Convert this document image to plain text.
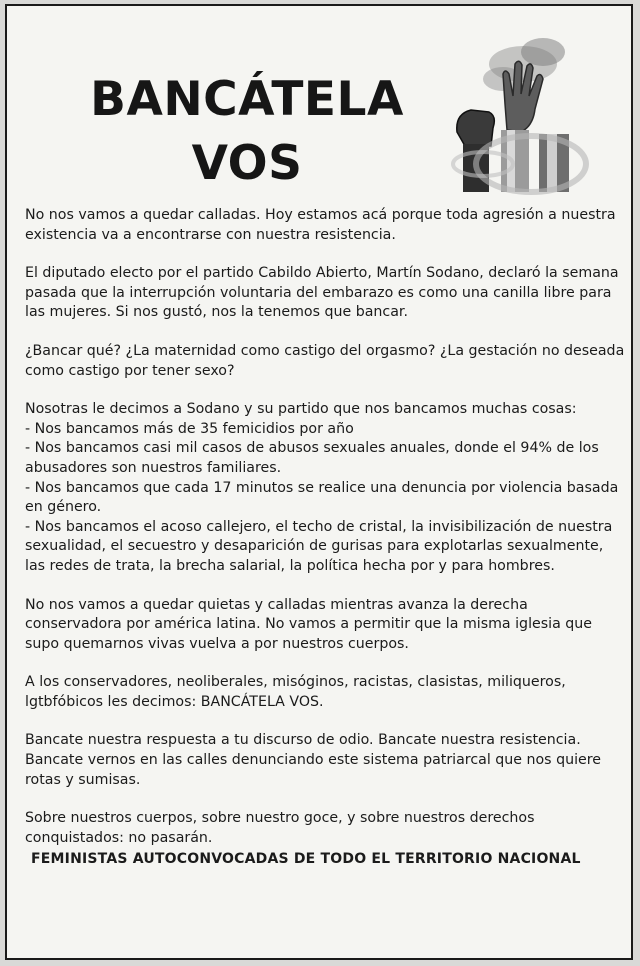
BANCÁTELA
VOS

No nos vamos a quedar calladas. Hoy estamos acá porque toda agresión a nuestra existencia va a encontrarse con nuestra resistencia.

El diputado electo por el partido Cabildo Abierto, Martín Sodano, declaró la semana pasada que la interrupción voluntaria del embarazo es como una canilla libre para las mujeres. Si nos gustó, nos la tenemos que bancar.

¿Bancar qué? ¿La maternidad como castigo del orgasmo? ¿La gestación no deseada como castigo por tener sexo?

Nosotras le decimos a Sodano y su partido que nos bancamos muchas cosas:
- Nos bancamos más de 35 femicidios por año
- Nos bancamos casi mil casos de abusos sexuales anuales, donde el 94% de los abusadores son nuestros familiares.
- Nos bancamos que cada 17 minutos se realice una denuncia por violencia basada en género.
- Nos bancamos el acoso callejero, el techo de cristal, la invisibilización de nuestra sexualidad, el secuestro y desaparición de gurisas para explotarlas sexualmente, las redes de trata, la brecha salarial, la política hecha por y para hombres.

No nos vamos a quedar quietas y calladas mientras avanza la derecha conservadora por américa latina. No vamos a permitir que la misma iglesia que supo quemarnos vivas vuelva a por nuestros cuerpos.

A los conservadores, neoliberales, misóginos, racistas, clasistas, miliqueros, lgtbfóbicos les decimos: BANCÁTELA VOS.

Bancate nuestra respuesta a tu discurso de odio. Bancate nuestra resistencia. Bancate vernos en las calles denunciando este sistema patriarcal que nos quiere rotas y sumisas.

Sobre nuestros cuerpos, sobre nuestro goce, y sobre nuestros derechos conquistados: no pasarán.

FEMINISTAS AUTOCONVOCADAS DE TODO EL TERRITORIO NACIONAL
